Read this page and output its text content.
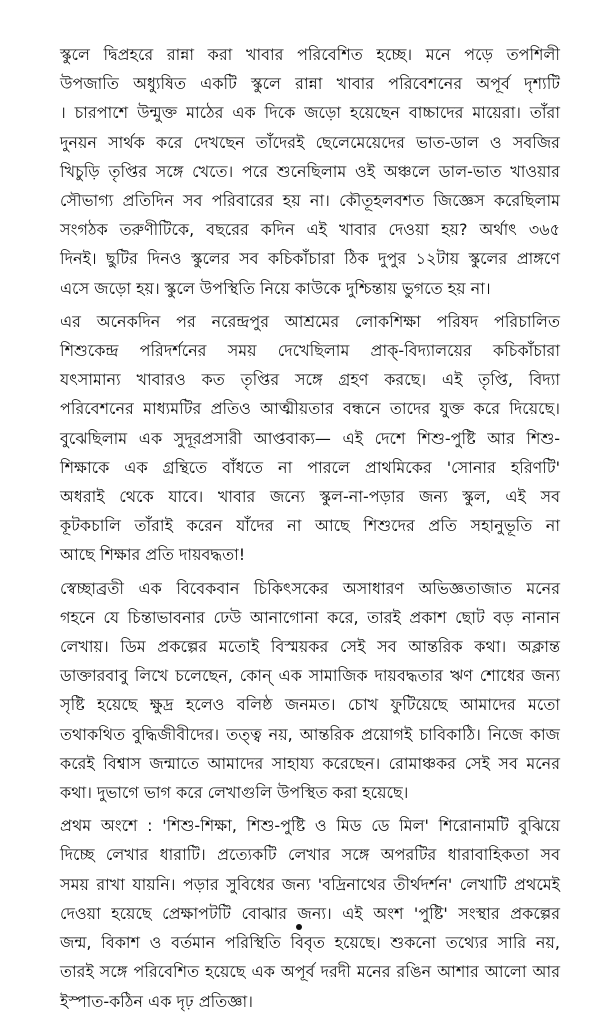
স্কুলে দ্বিপ্রহরে রান্না করা খাবার পরিবেশিত হচ্ছে। মনে পড়ে তপশিলী
উপজাতি অধ্যুষিত একটি স্কুলে রান্না খাবার পরিবেশনের অপূর্ব দৃশ্যটি
। চারপাশে উন্মুক্ত মাঠের এক দিকে জড়ো হয়েছেন বাচ্চাদের মায়েরা। তাঁরা
দুনয়ন সার্থক করে দেখছেন তাঁদেরই ছেলেমেয়েদের ভাত-ডাল ও সবজির
খিচুড়ি তৃপ্তির সঙ্গে খেতে। পরে শুনেছিলাম ওই অঞ্চলে ডাল-ভাত খাওয়ার
সৌভাগ্য প্রতিদিন সব পরিবারের হয় না। কৌতূহলবশত জিজ্ঞেস করেছিলাম
সংগঠক তরুণীটিকে, বছরের কদিন এই খাবার দেওয়া হয়? অর্থাৎ ৩৬৫
দিনই। ছুটির দিনও স্কুলের সব কচিকাঁচারা ঠিক দুপুর ১২টায় স্কুলের প্রাঙ্গণে
এসে জড়ো হয়। স্কুলে উপস্থিতি নিয়ে কাউকে দুশ্চিন্তায় ভুগতে হয় না।
এর অনেকদিন পর নরেন্দ্রপুর আশ্রমের লোকশিক্ষা পরিষদ পরিচালিত
শিশুকেন্দ্র পরিদর্শনের সময় দেখেছিলাম প্রাক্-বিদ্যালয়ের কচিকাঁচারা
যৎসামান্য খাবারও কত তৃপ্তির সঙ্গে গ্রহণ করছে। এই তৃপ্তি, বিদ্যা
পরিবেশনের মাধ্যমটির প্রতিও আত্মীয়তার বন্ধনে তাদের যুক্ত করে দিয়েছে।
বুঝেছিলাম এক সুদূরপ্রসারী আপ্তবাক্য— এই দেশে শিশু-পুষ্টি আর শিশু-
শিক্ষাকে এক গ্রন্থিতে বাঁধতে না পারলে প্রাথমিকের 'সোনার হরিণটি'
অধরাই থেকে যাবে। খাবার জন্যে স্কুল-না-পড়ার জন্য স্কুল, এই সব
কূটকচালি তাঁরাই করেন যাঁদের না আছে শিশুদের প্রতি সহানুভূতি না
আছে শিক্ষার প্রতি দায়বদ্ধতা!
স্বেচ্ছাব্রতী এক বিবেকবান চিকিৎসকের অসাধারণ অভিজ্ঞতাজাত মনের
গহনে যে চিন্তাভাবনার ঢেউ আনাগোনা করে, তারই প্রকাশ ছোট বড় নানান
লেখায়। ডিম প্রকল্পের মতোই বিস্ময়কর সেই সব আন্তরিক কথা। অক্লান্ত
ডাক্তারবাবু লিখে চলেছেন, কোন্ এক সামাজিক দায়বদ্ধতার ঋণ শোধের জন্য
সৃষ্টি হয়েছে ক্ষুদ্র হলেও বলিষ্ঠ জনমত। চোখ ফুটিয়েছে আমাদের মতো
তথাকথিত বুদ্ধিজীবীদের। তত্ত্ব নয়, আন্তরিক প্রয়োগই চাবিকাঠি। নিজে কাজ
করেই বিশ্বাস জন্মাতে আমাদের সাহায্য করেছেন। রোমাঞ্চকর সেই সব মনের
কথা। দুভাগে ভাগ করে লেখাগুলি উপস্থিত করা হয়েছে।
প্রথম অংশে : 'শিশু-শিক্ষা, শিশু-পুষ্টি ও মিড ডে মিল' শিরোনামটি বুঝিয়ে
দিচ্ছে লেখার ধারাটি। প্রত্যেকটি লেখার সঙ্গে অপরটির ধারাবাহিকতা সব
সময় রাখা যায়নি। পড়ার সুবিধের জন্য 'বদ্রিনাথের তীর্থদর্শন' লেখাটি প্রথমেই
দেওয়া হয়েছে প্রেক্ষাপটটি বোঝার জন্য। এই অংশ 'পুষ্টি' সংস্থার প্রকল্পের
জন্ম, বিকাশ ও বর্তমান পরিস্থিতি বিবৃত হয়েছে। শুকনো তথ্যের সারি নয়,
তারই সঙ্গে পরিবেশিত হয়েছে এক অপূর্ব দরদী মনের রঙিন আশার আলো আর
ইস্পাত-কঠিন এক দৃঢ় প্রতিজ্ঞা।
